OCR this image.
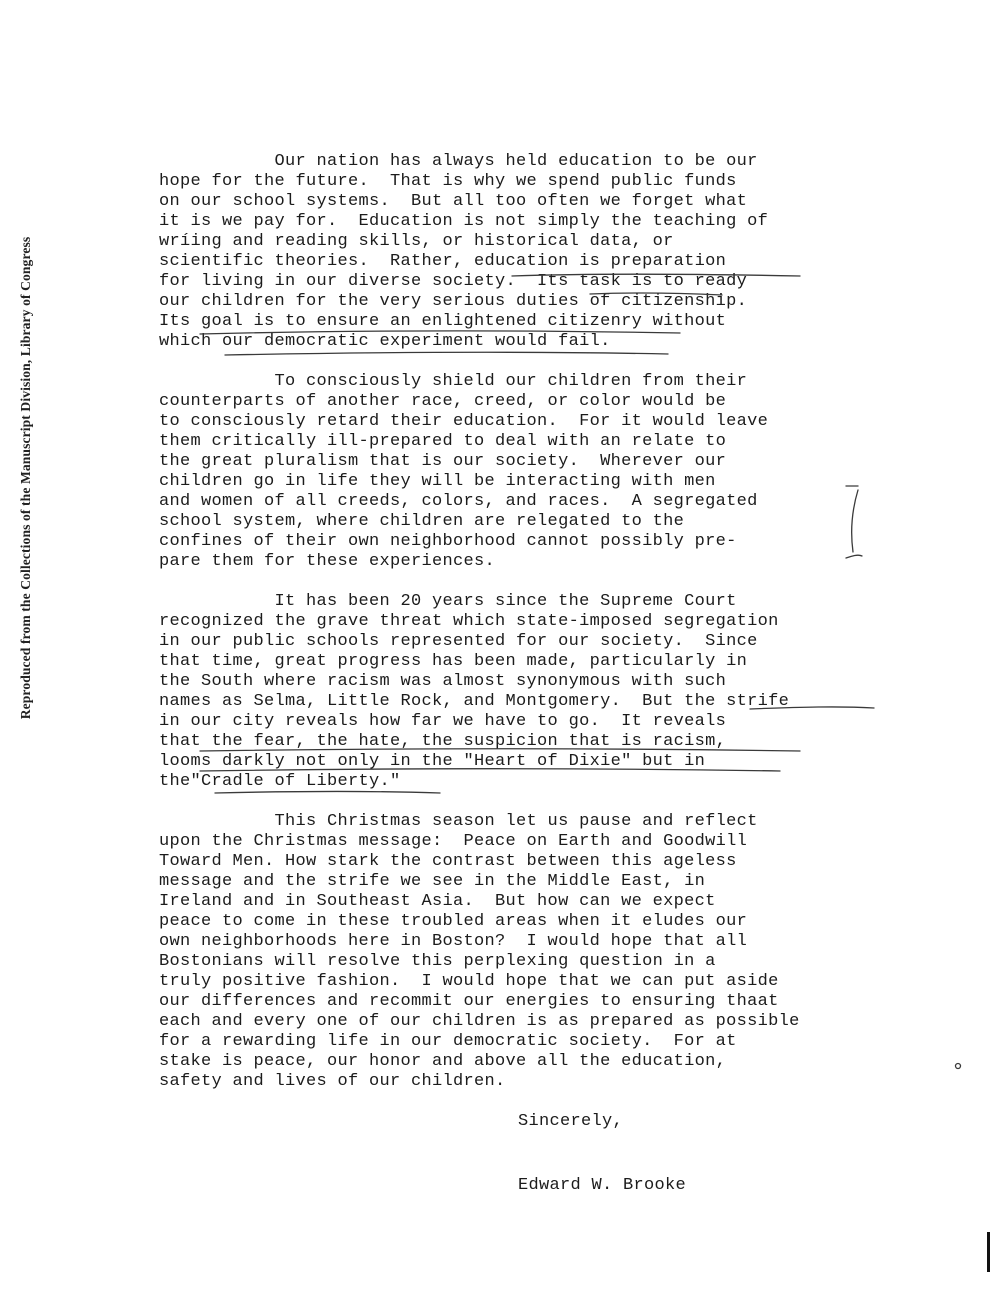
Reproduced from the Collections of the Manuscript Division, Library of Congress
Our nation has always held education to be our
hope for the future.  That is why we spend public funds
on our school systems.  But all too often we forget what
it is we pay for.  Education is not simply the teaching of
wríing and reading skills, or historical data, or
scientific theories.  Rather, education is preparation
for living in our diverse society.  Its task is to ready
our children for the very serious duties of citizenship.
Its goal is to ensure an enlightened citizenry without
which our democratic experiment would fail.
To consciously shield our children from their
counterparts of another race, creed, or color would be
to consciously retard their education.  For it would leave
them critically ill-prepared to deal with an relate to
the great pluralism that is our society.  Wherever our
children go in life they will be interacting with men
and women of all creeds, colors, and races.  A segregated
school system, where children are relegated to the
confines of their own neighborhood cannot possibly pre-
pare them for these experiences.
It has been 20 years since the Supreme Court
recognized the grave threat which state-imposed segregation
in our public schools represented for our society.  Since
that time, great progress has been made, particularly in
the South where racism was almost synonymous with such
names as Selma, Little Rock, and Montgomery.  But the strife
in our city reveals how far we have to go.  It reveals
that the fear, the hate, the suspicion that is racism,
looms darkly not only in the "Heart of Dixie" but in
the"Cradle of Liberty."
This Christmas season let us pause and reflect
upon the Christmas message:  Peace on Earth and Goodwill
Toward Men. How stark the contrast between this ageless
message and the strife we see in the Middle East, in
Ireland and in Southeast Asia.  But how can we expect
peace to come in these troubled areas when it eludes our
own neighborhoods here in Boston?  I would hope that all
Bostonians will resolve this perplexing question in a
truly positive fashion.  I would hope that we can put aside
our differences and recommit our energies to ensuring thaat
each and every one of our children is as prepared as possible
for a rewarding life in our democratic society.  For at
stake is peace, our honor and above all the education,
safety and lives of our children.
Sincerely,
Edward W. Brooke
